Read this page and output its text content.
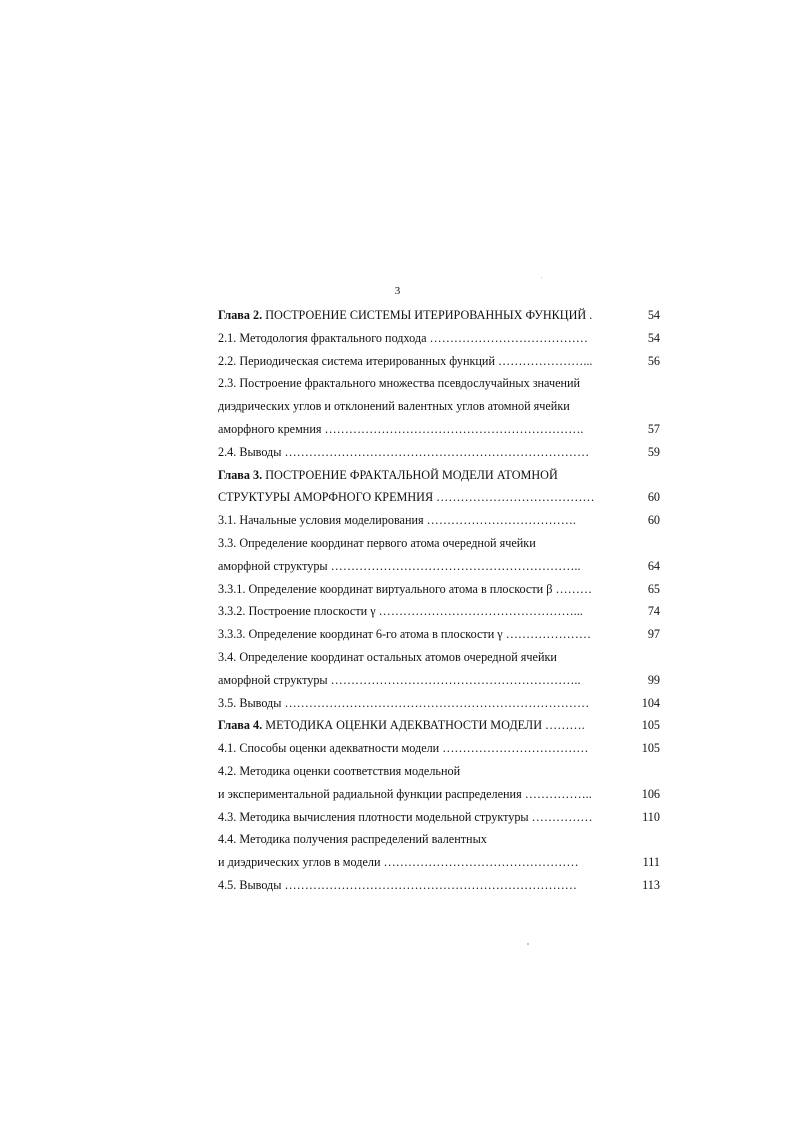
3
Глава 2. ПОСТРОЕНИЕ СИСТЕМЫ ИТЕРИРОВАННЫХ ФУНКЦИЙ .	54
2.1. Методология фрактального подхода …………………………………	54
2.2. Периодическая система итерированных функций …………………...	56
2.3. Построение фрактального множества псевдослучайных значений
диэдрических углов и отклонений валентных углов атомной ячейки
аморфного кремния ……………………………………………………….	57
2.4. Выводы …………………………………………………………………	59
Глава 3. ПОСТРОЕНИЕ ФРАКТАЛЬНОЙ МОДЕЛИ АТОМНОЙ
СТРУКТУРЫ АМОРФНОГО КРЕМНИЯ …………………………………	60
3.1. Начальные условия моделирования ……………………………….	60
3.3. Определение координат первого атома очередной ячейки
аморфной структуры ……………………………………………………..	64
3.3.1. Определение координат виртуального атома в плоскости β ………	65
3.3.2. Построение плоскости γ …………………………………………...	74
3.3.3. Определение координат 6-го атома в плоскости γ …………………	97
3.4. Определение координат остальных атомов очередной ячейки
аморфной структуры ……………………………………………………..	99
3.5. Выводы …………………………………………………………………	104
Глава 4. МЕТОДИКА ОЦЕНКИ АДЕКВАТНОСТИ МОДЕЛИ ……….	105
4.1. Способы оценки адекватности модели ………………………………	105
4.2. Методика оценки соответствия модельной
и экспериментальной радиальной функции распределения ……………..	106
4.3. Методика вычисления плотности модельной структуры ……………	110
4.4. Методика получения распределений валентных
и диэдрических углов в модели …………………………………………	111
4.5. Выводы ………………………………………………………………	113
